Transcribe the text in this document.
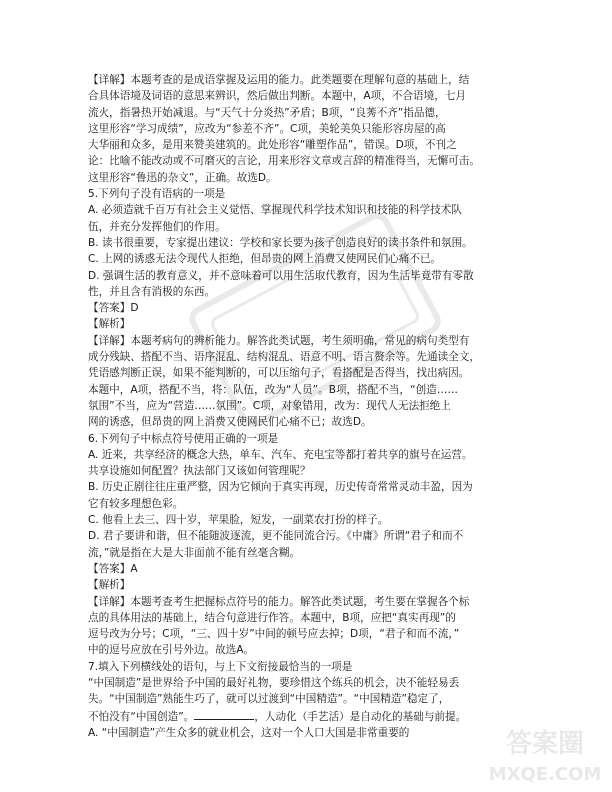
【详解】本题考查的是成语掌握及运用的能力。此类题要在理解句意的基础上，结
合具体语境及词语的意思来辨识，然后做出判断。本题中，A项，不合语境，七月
流火，指暑热开始减退。与“天气十分炎热”矛盾；B项，“良莠不齐”指品德，
这里形容“学习成绩”，应改为“参差不齐”。C项，美轮美奂只能形容房屋的高
大华丽和众多，是用来赞美建筑的。此处形容“雕塑作品”，错误。D项，不刊之
论：比喻不能改动或不可磨灭的言论，用来形容文章或言辞的精准得当，无懈可击。
这里形容“鲁迅的杂文”，正确。故选D。
5.下列句子没有语病的一项是
A. 必须造就千百万有社会主义觉悟、掌握现代科学技术知识和技能的科学技术队
伍，并充分发挥他们的作用。
B. 读书很重要，专家提出建议：学校和家长要为孩子创造良好的读书条件和氛围。
C. 上网的诱惑无法令现代人拒绝，但昂贵的网上消费又使网民们心痛不已。
D. 强调生活的教育意义，并不意味着可以用生活取代教育，因为生活毕竟带有零散
性，并且含有消极的东西。
【答案】D
【解析】
【详解】本题考病句的辨析能力。解答此类试题，考生须明确，常见的病句类型有
成分残缺、搭配不当、语序混乱、结构混乱、语意不明、语言赘余等。先通读全文，
凭语感判断正误，如果不能判断的，可以压缩句子，看搭配是否得当，找出病因。
本题中，A项，搭配不当，将：队伍，改为“人员”。B项，搭配不当，“创造……
氛围”不当，应为“营造……氛围”。C项，对象错用，改为：现代人无法拒绝上
网的诱惑，但昂贵的网上消费又使网民们心痛不已；故选D。
6.下列句子中标点符号使用正确的一项是
A. 近来，共享经济的概念大热，单车、汽车、充电宝等都打着共享的旗号在运营。
共享设施如何配置？执法部门又该如何管理呢？
B. 历史正剧往往庄重严整，因为它倾向于真实再现，历史传奇常常灵动丰盈，因为
它有较多理想色彩。
C. 他看上去三、四十岁，苹果脸，短发，一副菜农打扮的样子。
D. 君子要讲和谐，但不能随波逐流，更不能同流合污。《中庸》所谓“君子和而不
流，”就是指在大是大非面前不能有丝毫含糊。
【答案】A
【解析】
【详解】本题考查考生把握标点符号的能力。解答此类试题，考生要在掌握各个标
点的具体用法的基础上，结合句意进行作答。本题中，B项，应把“真实再现”的
逗号改为分号；C项，“三、四十岁”中间的顿号应去掉；D项，“君子和而不流，”
中的逗号应放在引号外边。故选A。
7.填入下列横线处的语句，与上下文衔接最恰当的一项是
“中国制造”是世界给予中国的最好礼物，要珍惜这个练兵的机会，决不能轻易丢
失。“中国制造”熟能生巧了，就可以过渡到“中国精造”。“中国精造”稳定了，
不怕没有“中国创造”。	，人动化（手艺活）是自动化的基础与前提。
A. “中国制造”产生众多的就业机会，这对一个人口大国是非常重要的	答案圈
MXQE.COM
